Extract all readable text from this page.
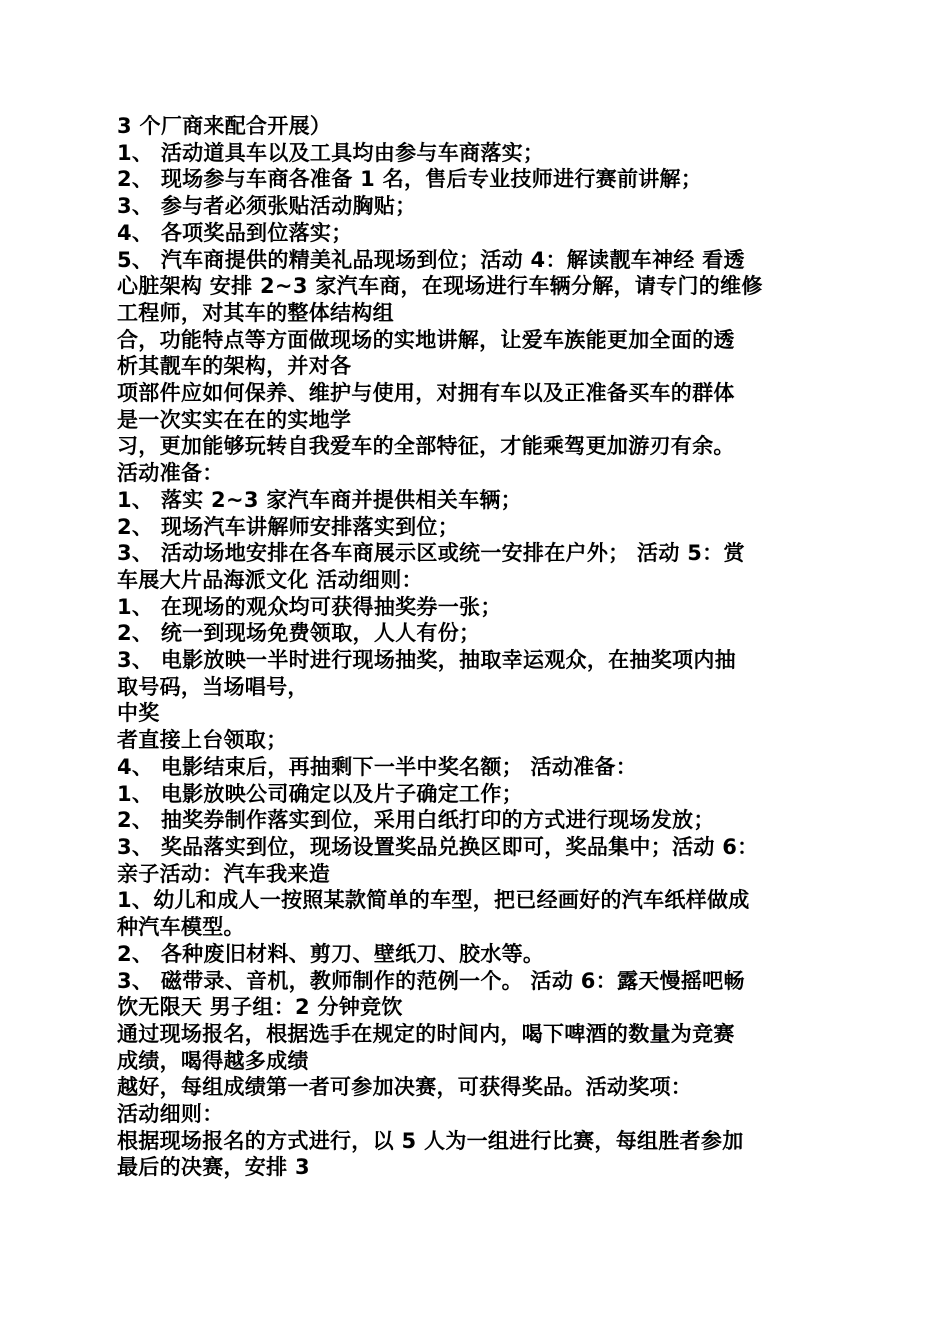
3 个厂商来配合开展）

1、 活动道具车以及工具均由参与车商落实；

2、 现场参与车商各准备 1 名，售后专业技师进行赛前讲解；

3、 参与者必须张贴活动胸贴；

4、 各项奖品到位落实；

5、 汽车商提供的精美礼品现场到位；活动 4：解读靓车神经 看透

心脏架构 安排 2~3 家汽车商，在现场进行车辆分解，请专门的维修

工程师，对其车的整体结构组

合，功能特点等方面做现场的实地讲解，让爱车族能更加全面的透

析其靓车的架构，并对各

项部件应如何保养、维护与使用，对拥有车以及正准备买车的群体

是一次实实在在的实地学

习，更加能够玩转自我爱车的全部特征，才能乘驾更加游刃有余。

活动准备：

1、 落实 2~3 家汽车商并提供相关车辆；

2、 现场汽车讲解师安排落实到位；

3、 活动场地安排在各车商展示区或统一安排在户外； 活动 5：赏

车展大片品海派文化 活动细则：

1、 在现场的观众均可获得抽奖券一张；

2、 统一到现场免费领取，人人有份；

3、 电影放映一半时进行现场抽奖，抽取幸运观众，在抽奖项内抽

取号码，当场唱号，

中奖

者直接上台领取；

4、 电影结束后，再抽剩下一半中奖名额； 活动准备：

1、 电影放映公司确定以及片子确定工作；

2、 抽奖券制作落实到位，采用白纸打印的方式进行现场发放；

3、 奖品落实到位，现场设置奖品兑换区即可，奖品集中；活动 6：

亲子活动：汽车我来造

1、幼儿和成人一按照某款简单的车型，把已经画好的汽车纸样做成

种汽车模型。

2、 各种废旧材料、剪刀、壁纸刀、胶水等。

3、 磁带录、音机，教师制作的范例一个。 活动 6：露天慢摇吧畅

饮无限天 男子组：2 分钟竞饮

通过现场报名，根据选手在规定的时间内，喝下啤酒的数量为竞赛

成绩，喝得越多成绩

越好，每组成绩第一者可参加决赛，可获得奖品。活动奖项：

活动细则：

根据现场报名的方式进行，以 5 人为一组进行比赛，每组胜者参加

最后的决赛，安排 3
